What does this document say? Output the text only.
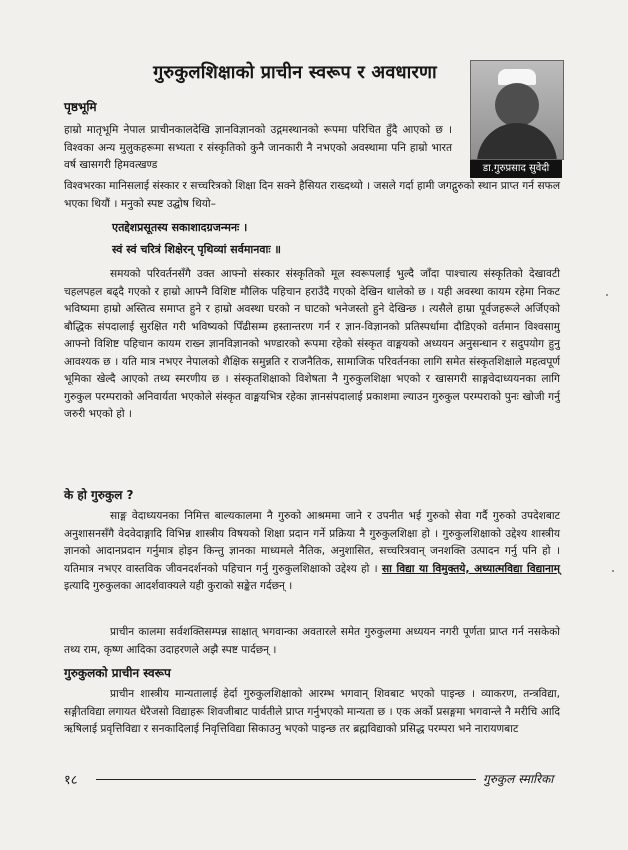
गुरुकुलशिक्षाको प्राचीन स्वरूप र अवधारणा
डा.गुरुप्रसाद सुवेदी
पृष्ठभूमि

हाम्रो मातृभूमि नेपाल प्राचीनकालदेखि ज्ञानविज्ञानको उद्गमस्थानको रूपमा परिचित हुँदै आएको छ । विश्वका अन्य मुलुकहरूमा सभ्यता र संस्कृतिको कुनै जानकारी नै नभएको अवस्थामा पनि हाम्रो भारत वर्ष खासगरी हिमवत्खण्ड

विश्वभरका मानिसलाई संस्कार र सच्चरित्रको शिक्षा दिन सक्ने हैसियत राख्दथ्यो । जसले गर्दा हामी जगद्गुरुको स्थान प्राप्त गर्न सफल भएका थियौं । मनुको स्पष्ट उद्घोष थियो–

एतद्देशप्रसूतस्य सकाशादग्रजन्मनः ।
स्वं स्वं चरित्रं शिक्षेरन् पृथिव्यां सर्वमानवाः ॥

समयको परिवर्तनसँगै उक्त आफ्नो संस्कार संस्कृतिको मूल स्वरूपलाई भुल्दै जाँदा पाश्चात्य संस्कृतिको देखावटी चहलपहल बढ्दै गएको र हाम्रो आफ्नै विशिष्ट मौलिक पहिचान हराउँदै गएको देखिन थालेको छ । यही अवस्था कायम रहेमा निकट भविष्यमा हाम्रो अस्तित्व समाप्त हुने र हाम्रो अवस्था घरको न घाटको भनेजस्तो हुने देखिन्छ । त्यसैले हाम्रा पूर्वजहरूले अर्जिएको बौद्धिक संपदालाई सुरक्षित गरी भविष्यको पिँढीसम्म हस्तान्तरण गर्न र ज्ञान-विज्ञानको प्रतिस्पर्धामा दौडिएको वर्तमान विश्वसामु आफ्नो विशिष्ट पहिचान कायम राख्न ज्ञानविज्ञानको भण्डारको रूपमा रहेको संस्कृत वाङ्मयको अध्ययन अनुसन्धान र सदुपयोग हुनु आवश्यक छ । यति मात्र नभएर नेपालको शैक्षिक समुन्नति र राजनैतिक, सामाजिक परिवर्तनका लागि समेत संस्कृतशिक्षाले महत्वपूर्ण भूमिका खेल्दै आएको तथ्य स्मरणीय छ । संस्कृतशिक्षाको विशेषता नै गुरुकुलशिक्षा भएको र खासगरी साङ्गवेदाध्ययनका लागि गुरुकुल परम्पराको अनिवार्यता भएकोले संस्कृत वाङ्मयभित्र रहेका ज्ञानसंपदालाई प्रकाशमा ल्याउन गुरुकुल परम्पराको पुनः खोजी गर्नु जरुरी भएको हो ।

के हो गुरुकुल ?

साङ्ग वेदाध्ययनका निमित्त बाल्यकालमा नै गुरुको आश्रममा जाने र उपनीत भई गुरुको सेवा गर्दै गुरुको उपदेशबाट अनुशासनसँगै वेदवेदाङ्गादि विभिन्न शास्त्रीय विषयको शिक्षा प्रदान गर्ने प्रक्रिया नै गुरुकुलशिक्षा हो । गुरुकुलशिक्षाको उद्देश्य शास्त्रीय ज्ञानको आदानप्रदान गर्नुमात्र होइन किन्तु ज्ञानका माध्यमले नैतिक, अनुशासित, सच्चरित्रवान् जनशक्ति उत्पादन गर्नु पनि हो । यतिमात्र नभएर वास्तविक जीवनदर्शनको पहिचान गर्नु गुरुकुलशिक्षाको उद्देश्य हो । सा विद्या या विमुक्तये, अध्यात्मविद्या विद्यानाम् इत्यादि गुरुकुलका आदर्शवाक्यले यही कुराको सङ्केत गर्दछन् ।

प्राचीन कालमा सर्वशक्तिसम्पन्न साक्षात् भगवान्का अवतारले समेत गुरुकुलमा अध्ययन नगरी पूर्णता प्राप्त गर्न नसकेको तथ्य राम, कृष्ण आदिका उदाहरणले अझै स्पष्ट पार्दछन् ।

गुरुकुलको प्राचीन स्वरूप

प्राचीन शास्त्रीय मान्यतालाई हेर्दा गुरुकुलशिक्षाको आरम्भ भगवान् शिवबाट भएको पाइन्छ । व्याकरण, तन्त्रविद्या, सङ्गीतविद्या लगायत धेरैजसो विद्याहरू शिवजीबाट पार्वतीले प्राप्त गर्नुभएको मान्यता छ । एक अर्को प्रसङ्गमा भगवान्ले नै मरीचि आदि ऋषिलाई प्रवृत्तिविद्या र सनकादिलाई निवृत्तिविद्या सिकाउनु भएको पाइन्छ तर ब्रह्मविद्याको प्रसिद्ध परम्परा भने नारायणबाट

१८	गुरुकुल स्मारिका
